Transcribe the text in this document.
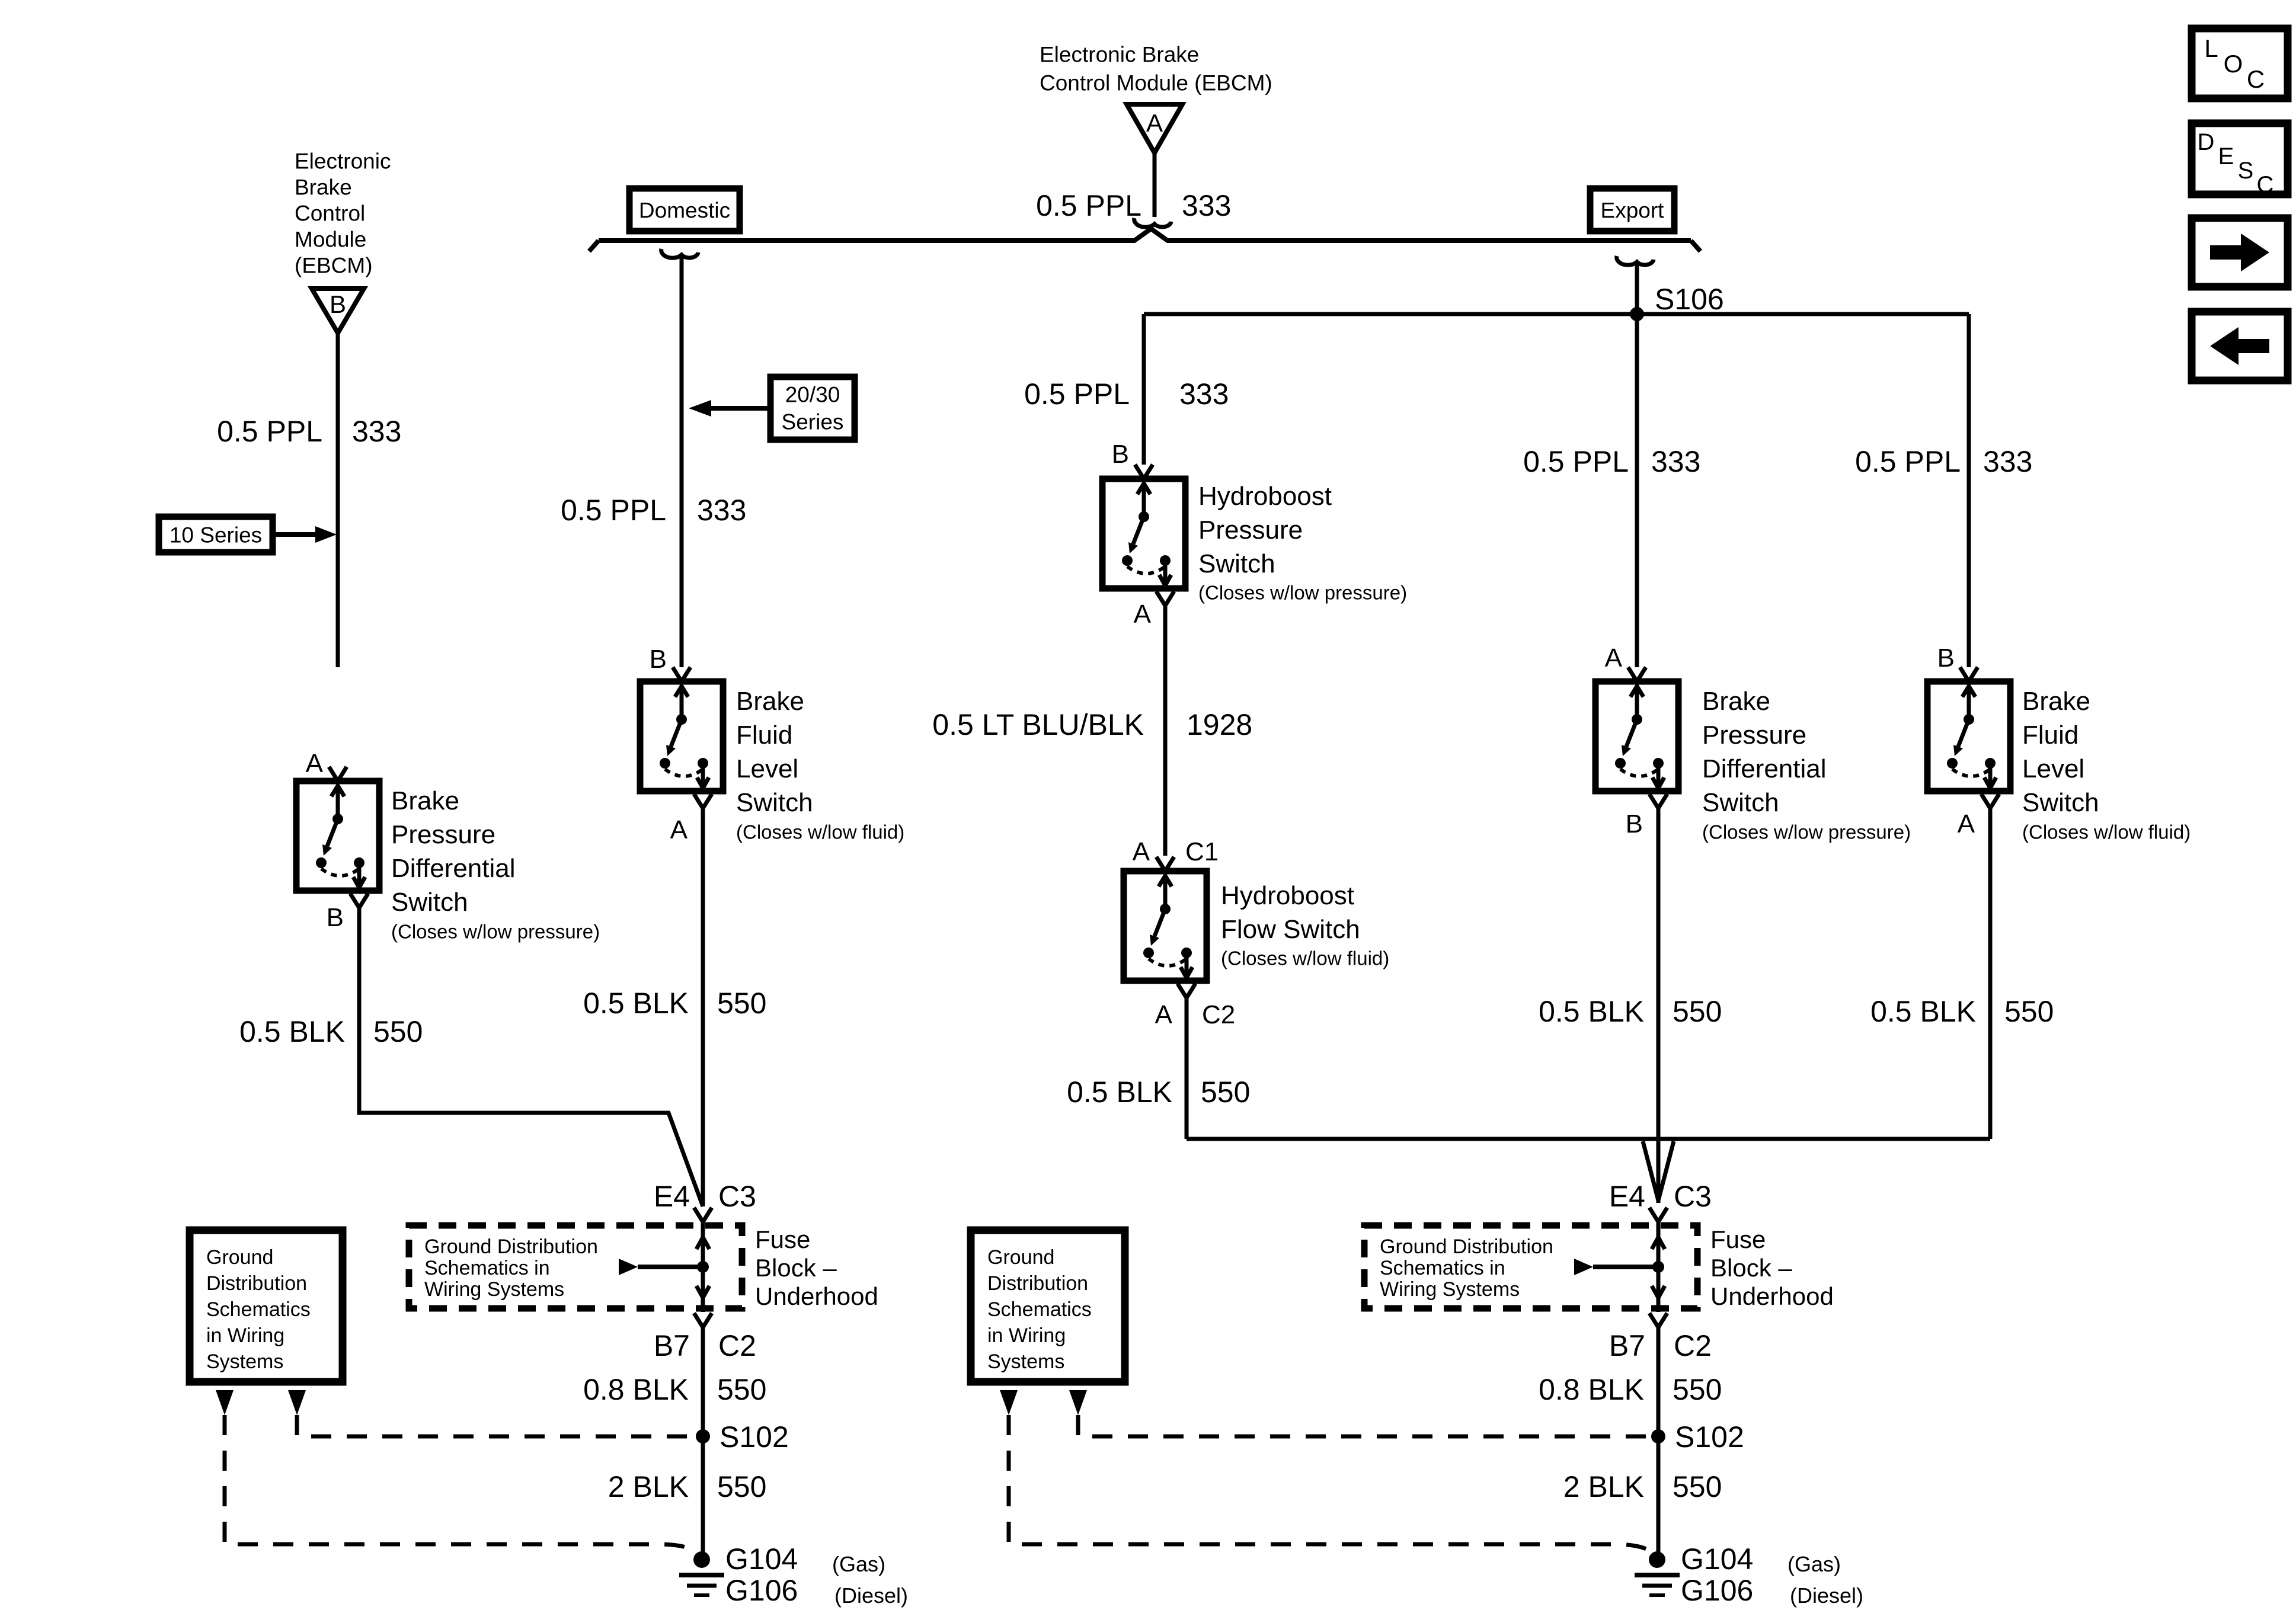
Electronic Brake
Control Module (EBCM)
A
Electronic
Brake
Control
Module
(EBCM)
B
Domestic	Export
20/30
Series
10 Series
S106
0.5 PPL 333
0.5 PPL 333
0.5 PPL 333
0.5 PPL 333
0.5 PPL 333	0.5 PPL 333
0.5 LT BLU/BLK 1928
0.5 BLK 550
0.5 BLK 550
0.5 BLK 550
0.5 BLK 550	0.5 BLK 550
A
B
B
A
B
A
A C1
A C2
A
B
B
A
Brake
Pressure
Differential
Switch
(Closes w/low pressure)
Brake
Fluid
Level
Switch
(Closes w/low fluid)
Hydroboost
Pressure
Switch
(Closes w/low pressure)
Hydroboost
Flow Switch
(Closes w/low fluid)
Brake
Pressure
Differential
Switch
(Closes w/low pressure)
Brake
Fluid
Level
Switch
(Closes w/low fluid)
E4 C3
Ground Distribution
Schematics in
Wiring Systems
Fuse
Block –
Underhood
B7 C2
0.8 BLK 550
S102
2 BLK 550
G104 (Gas)
G106 (Diesel)
E4 C3
Ground Distribution
Schematics in
Wiring Systems
Fuse
Block –
Underhood
B7 C2
0.8 BLK 550
S102
2 BLK 550
G104 (Gas)
G106 (Diesel)
Ground
Distribution
Schematics
in Wiring
Systems
Ground
Distribution
Schematics
in Wiring
Systems
L
O
C
D
E
S
C
